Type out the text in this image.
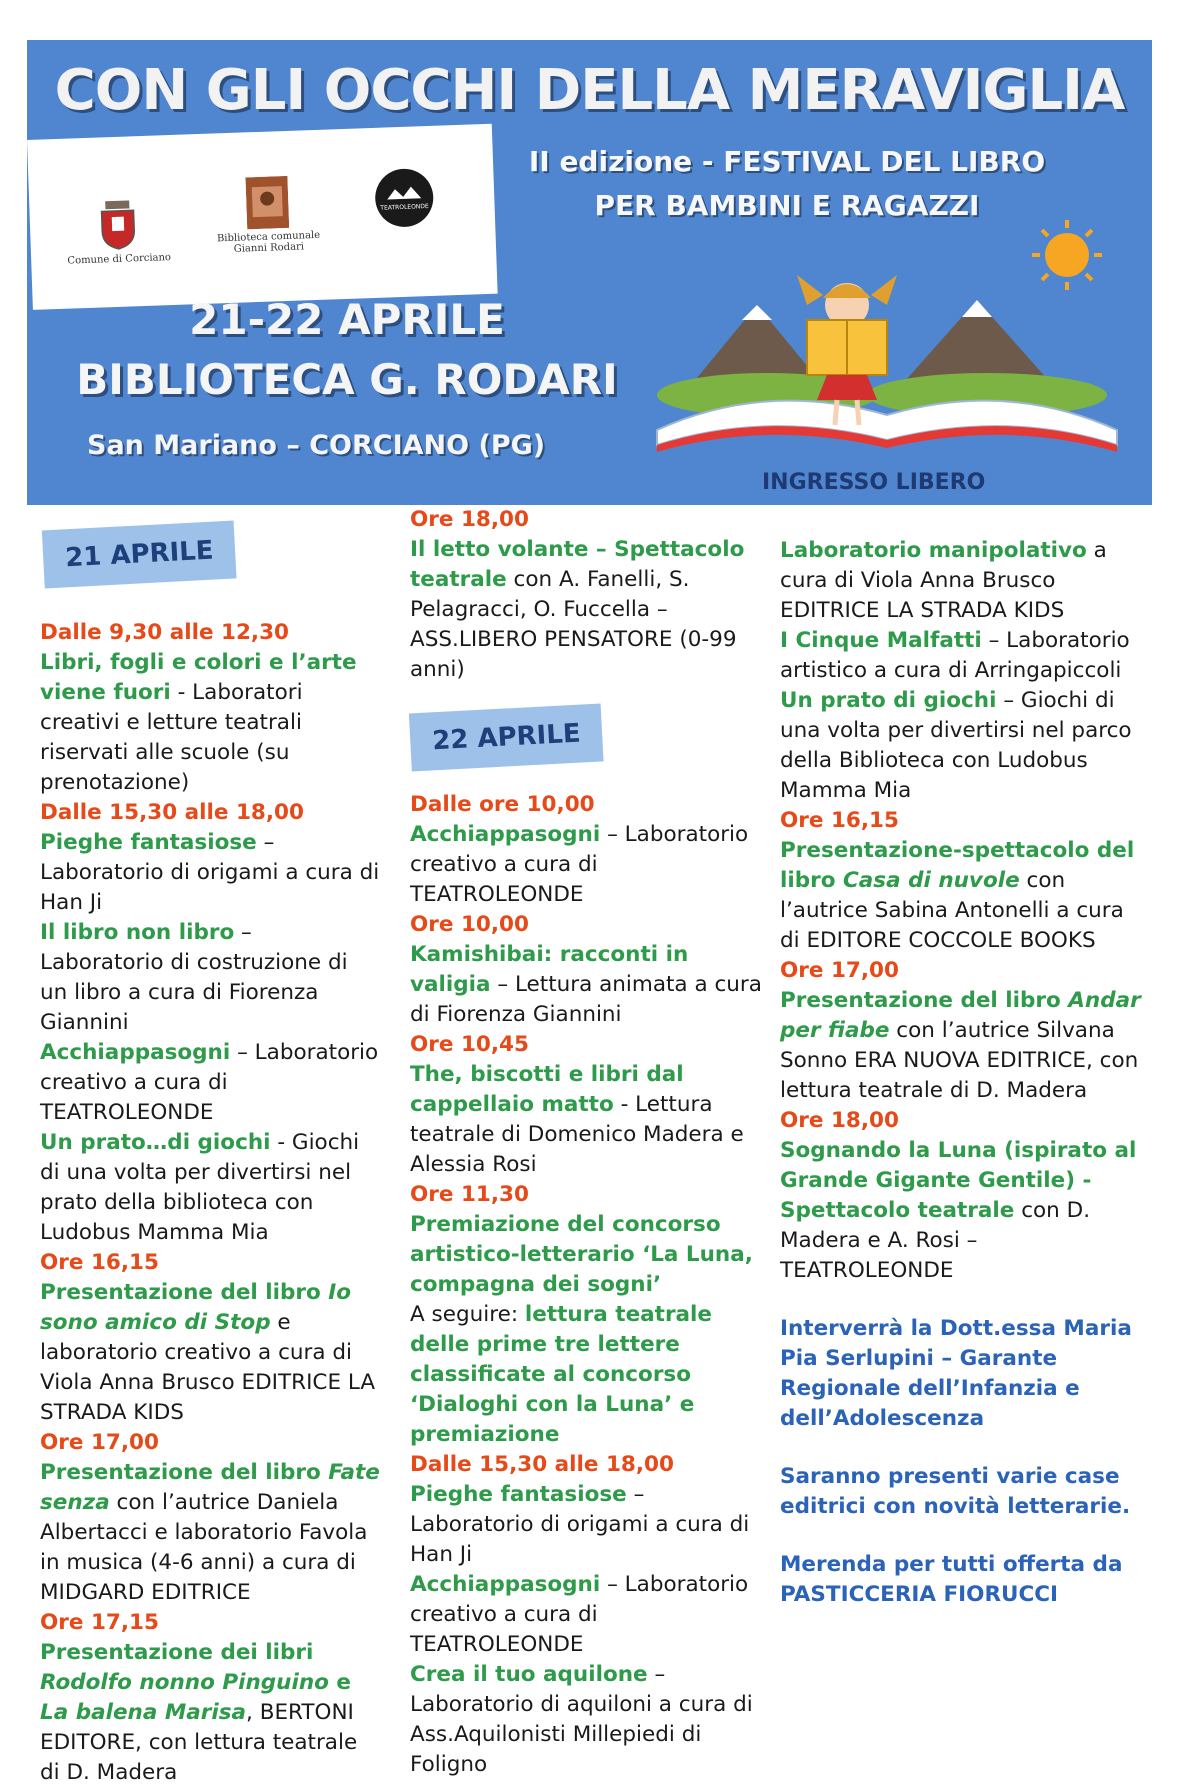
CON GLI OCCHI DELLA MERAVIGLIA
II edizione - FESTIVAL DEL LIBRO
PER BAMBINI E RAGAZZI
Comune di Corciano
Biblioteca comunale
Gianni Rodari
TEATROLEONDE
21-22 APRILE
BIBLIOTECA G. RODARI
San Mariano – CORCIANO (PG)
INGRESSO LIBERO
21 APRILE
22 APRILE
Dalle 9,30 alle 12,30

Libri, fogli e colori e l’arte viene fuori - Laboratori creativi e letture teatrali riservati alle scuole (su prenotazione)

Dalle 15,30 alle 18,00

Pieghe fantasiose – Laboratorio di origami a cura di Han Ji

Il libro non libro – Laboratorio di costruzione di un libro a cura di Fiorenza Giannini

Acchiappasogni – Laboratorio creativo a cura di TEATROLEONDE

Un prato…di giochi - Giochi di una volta per divertirsi nel prato della biblioteca con Ludobus Mamma Mia

Ore 16,15

Presentazione del libro Io sono amico di Stop e laboratorio creativo a cura di Viola Anna Brusco EDITRICE LA STRADA KIDS

Ore 17,00

Presentazione del libro Fate senza con l’autrice Daniela Albertacci e laboratorio Favola in musica (4-6 anni) a cura di MIDGARD EDITRICE

Ore 17,15

Presentazione dei libri Rodolfo nonno Pinguino e La balena Marisa, BERTONI EDITORE, con lettura teatrale di D. Madera

Ore 18,00

Il letto volante – Spettacolo teatrale con A. Fanelli, S. Pelagracci, O. Fuccella – ASS.LIBERO PENSATORE (0-99 anni)

Dalle ore 10,00

Acchiappasogni – Laboratorio creativo a cura di TEATROLEONDE

Ore 10,00

Kamishibai: racconti in valigia – Lettura animata a cura di Fiorenza Giannini

Ore 10,45

The, biscotti e libri dal cappellaio matto - Lettura teatrale di Domenico Madera e Alessia Rosi

Ore 11,30

Premiazione del concorso artistico-letterario ‘La Luna, compagna dei sogni’

A seguire: lettura teatrale delle prime tre lettere classificate al concorso ‘Dialoghi con la Luna’ e premiazione

Dalle 15,30 alle 18,00

Pieghe fantasiose – Laboratorio di origami a cura di Han Ji

Acchiappasogni – Laboratorio creativo a cura di TEATROLEONDE

Crea il tuo aquilone – Laboratorio di aquiloni a cura di Ass.Aquilonisti Millepiedi di Foligno

Laboratorio manipolativo a cura di Viola Anna Brusco EDITRICE LA STRADA KIDS

I Cinque Malfatti – Laboratorio artistico a cura di Arringapiccoli

Un prato di giochi – Giochi di una volta per divertirsi nel parco della Biblioteca con Ludobus Mamma Mia

Ore 16,15

Presentazione-spettacolo del libro Casa di nuvole con l’autrice Sabina Antonelli a cura di EDITORE COCCOLE BOOKS

Ore 17,00

Presentazione del libro Andar per fiabe con l’autrice Silvana Sonno ERA NUOVA EDITRICE, con lettura teatrale di D. Madera

Ore 18,00

Sognando la Luna (ispirato al Grande Gigante Gentile) - Spettacolo teatrale con D. Madera e A. Rosi – TEATROLEONDE

Interverrà la Dott.essa Maria Pia Serlupini – Garante Regionale dell’Infanzia e dell’Adolescenza

Saranno presenti varie case editrici con novità letterarie.

Merenda per tutti offerta da PASTICCERIA FIORUCCI
